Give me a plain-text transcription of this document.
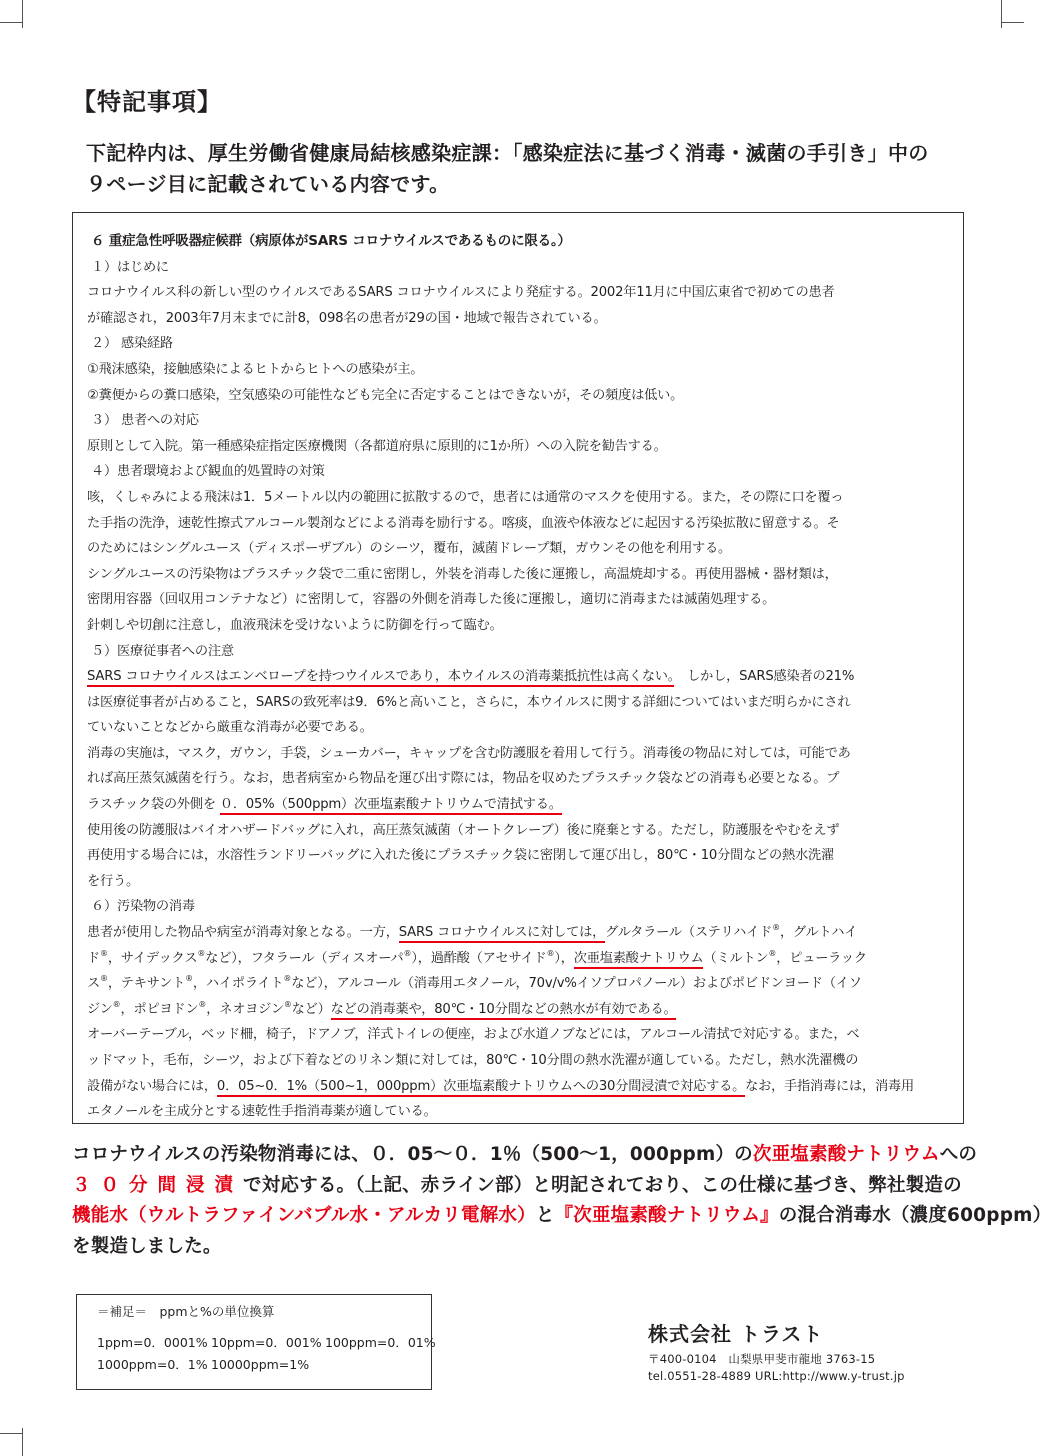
【特記事項】
下記枠内は、厚生労働省健康局結核感染症課：「感染症法に基づく消毒・滅菌の手引き」中の
９ページ目に記載されている内容です。
６ 重症急性呼吸器症候群（病原体がSARS コロナウイルスであるものに限る。）
１）はじめに
コロナウイルス科の新しい型のウイルスであるSARS コロナウイルスにより発症する。2002年11月に中国広東省で初めての患者
が確認され，2003年7月末までに計8，098名の患者が29の国・地域で報告されている。
２） 感染経路
①飛沫感染，接触感染によるヒトからヒトへの感染が主。
②糞便からの糞口感染，空気感染の可能性なども完全に否定することはできないが，その頻度は低い。
３） 患者への対応
原則として入院。第一種感染症指定医療機関（各都道府県に原則的に1か所）への入院を勧告する。
４）患者環境および観血的処置時の対策
咳，くしゃみによる飛沫は1．5メートル以内の範囲に拡散するので，患者には通常のマスクを使用する。また，その際に口を覆っ
た手指の洗浄，速乾性擦式アルコール製剤などによる消毒を励行する。喀痰，血液や体液などに起因する汚染拡散に留意する。そ
のためにはシングルユース（ディスポーザブル）のシーツ，覆布，滅菌ドレープ類，ガウンその他を利用する。
シングルユースの汚染物はプラスチック袋で二重に密閉し，外装を消毒した後に運搬し，高温焼却する。再使用器械・器材類は，
密閉用容器（回収用コンテナなど）に密閉して，容器の外側を消毒した後に運搬し，適切に消毒または滅菌処理する。
針刺しや切創に注意し，血液飛沫を受けないように防御を行って臨む。
５）医療従事者への注意
SARS コロナウイルスはエンベロープを持つウイルスであり，本ウイルスの消毒薬抵抗性は高くない。　しかし，SARS感染者の21%
は医療従事者が占めること，SARSの致死率は9．6%と高いこと，さらに，本ウイルスに関する詳細についてはいまだ明らかにされ
ていないことなどから厳重な消毒が必要である。
消毒の実施は，マスク，ガウン，手袋，シューカバー，キャップを含む防護服を着用して行う。消毒後の物品に対しては，可能であ
れば高圧蒸気滅菌を行う。なお，患者病室から物品を運び出す際には，物品を収めたプラスチック袋などの消毒も必要となる。プ
ラスチック袋の外側を ０．05%（500ppm）次亜塩素酸ナトリウムで清拭する。
使用後の防護服はバイオハザードバッグに入れ，高圧蒸気滅菌（オートクレーブ）後に廃棄とする。ただし，防護服をやむをえず
再使用する場合には，水溶性ランドリーバッグに入れた後にプラスチック袋に密閉して運び出し，80℃・10分間などの熱水洗濯
を行う。
６）汚染物の消毒
患者が使用した物品や病室が消毒対象となる。一方，SARS コロナウイルスに対しては，グルタラール（ステリハイド®，グルトハイ
ド®，サイデックス®など），フタラール（ディスオーパ®），過酢酸（アセサイド®），次亜塩素酸ナトリウム（ミルトン®，ピューラック
ス®，テキサント®，ハイポライト®など），アルコール（消毒用エタノール，70v/v%イソプロパノール）およびポビドンヨード（イソ
ジン®，ポピヨドン®，ネオヨジン®など）などの消毒薬や，80℃・10分間などの熱水が有効である。
オーバーテーブル，ベッド柵，椅子，ドアノブ，洋式トイレの便座，および水道ノブなどには，アルコール清拭で対応する。また，ベ
ッドマット，毛布，シーツ，および下着などのリネン類に対しては，80℃・10分間の熱水洗濯が適している。ただし，熱水洗濯機の
設備がない場合には，0．05~0．1%（500~1，000ppm）次亜塩素酸ナトリウムへの30分間浸漬で対応する。なお，手指消毒には，消毒用
エタノールを主成分とする速乾性手指消毒薬が適している。
コロナウイルスの汚染物消毒には、０．05～０．1％（500～1，000ppm）の次亜塩素酸ナトリウムへの
３０分間浸漬で対応する。（上記、赤ライン部）と明記されており、この仕様に基づき、弊社製造の
機能水（ウルトラファインバブル水・アルカリ電解水）と『次亜塩素酸ナトリウム』の混合消毒水（濃度600ppm）
を製造しました。
＝補足＝　ppmと%の単位換算
1ppm=0．0001% 10ppm=0．001% 100ppm=0．01%
1000ppm=0．1% 10000ppm=1%
株式会社 トラスト
〒400-0104　山梨県甲斐市龍地 3763-15
tel.0551-28-4889 URL:http://www.y-trust.jp
